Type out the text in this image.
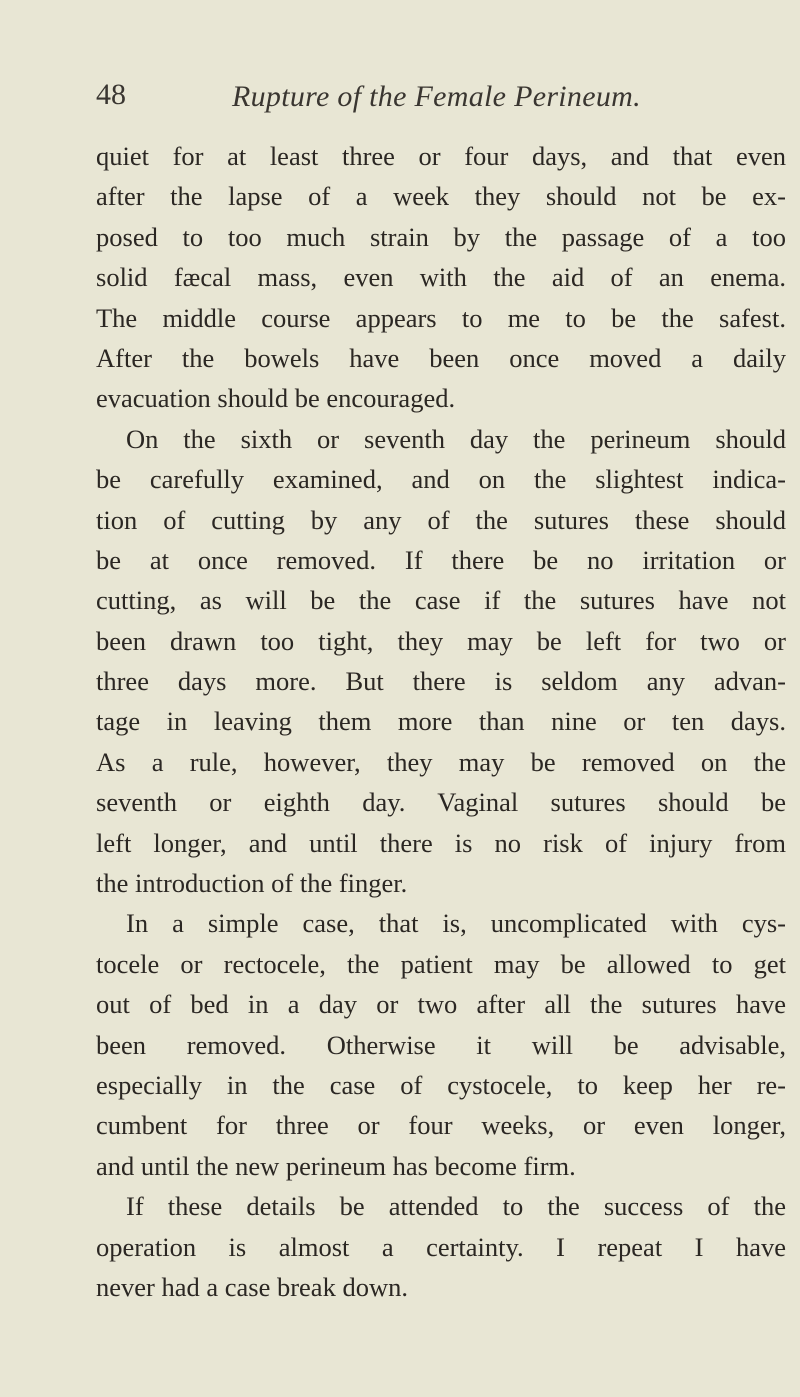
48	Rupture of the Female Perineum.
quiet for at least three or four days, and that even
after the lapse of a week they should not be ex-
posed to too much strain by the passage of a too
solid fæcal mass, even with the aid of an enema.
The middle course appears to me to be the safest.
After the bowels have been once moved a daily
evacuation should be encouraged.
On the sixth or seventh day the perineum should
be carefully examined, and on the slightest indica-
tion of cutting by any of the sutures these should
be at once removed. If there be no irritation or
cutting, as will be the case if the sutures have not
been drawn too tight, they may be left for two or
three days more. But there is seldom any advan-
tage in leaving them more than nine or ten days.
As a rule, however, they may be removed on the
seventh or eighth day. Vaginal sutures should be
left longer, and until there is no risk of injury from
the introduction of the finger.
In a simple case, that is, uncomplicated with cys-
tocele or rectocele, the patient may be allowed to get
out of bed in a day or two after all the sutures have
been removed. Otherwise it will be advisable,
especially in the case of cystocele, to keep her re-
cumbent for three or four weeks, or even longer,
and until the new perineum has become firm.
If these details be attended to the success of the
operation is almost a certainty. I repeat I have
never had a case break down.
